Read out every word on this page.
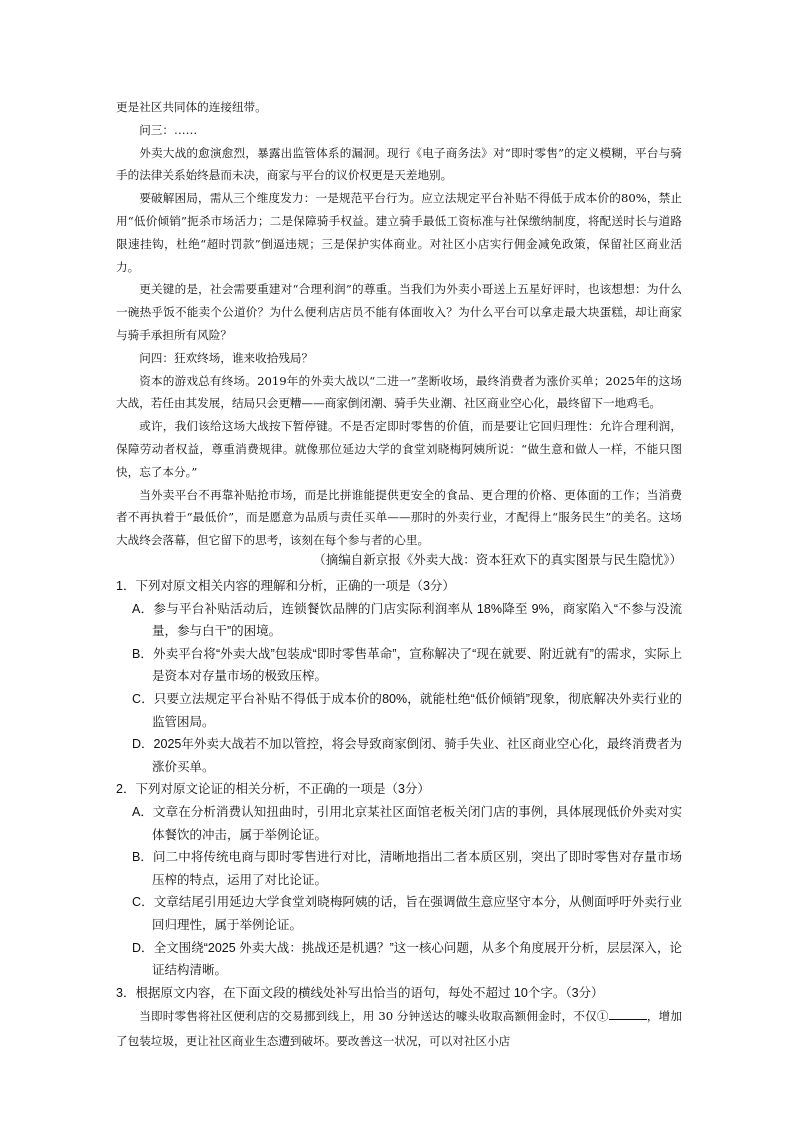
更是社区共同体的连接纽带。

问三：……

外卖大战的愈演愈烈，暴露出监管体系的漏洞。现行《电子商务法》对“即时零售”的定义模糊，平台与骑手的法律关系始终悬而未决，商家与平台的议价权更是天差地别。

要破解困局，需从三个维度发力：一是规范平台行为。应立法规定平台补贴不得低于成本价的80%，禁止用“低价倾销”扼杀市场活力；二是保障骑手权益。建立骑手最低工资标准与社保缴纳制度，将配送时长与道路限速挂钩，杜绝“超时罚款”倒逼违规；三是保护实体商业。对社区小店实行佣金减免政策，保留社区商业活力。

更关键的是，社会需要重建对“合理利润”的尊重。当我们为外卖小哥送上五星好评时，也该想想：为什么一碗热乎饭不能卖个公道价？为什么便利店店员不能有体面收入？为什么平台可以拿走最大块蛋糕，却让商家与骑手承担所有风险？

问四：狂欢终场，谁来收拾残局？

资本的游戏总有终场。2019年的外卖大战以“二进一”垄断收场，最终消费者为涨价买单；2025年的这场大战，若任由其发展，结局只会更糟——商家倒闭潮、骑手失业潮、社区商业空心化，最终留下一地鸡毛。

或许，我们该给这场大战按下暂停键。不是否定即时零售的价值，而是要让它回归理性：允许合理利润，保障劳动者权益，尊重消费规律。就像那位延边大学的食堂刘晓梅阿姨所说：“做生意和做人一样，不能只图快，忘了本分。”

当外卖平台不再靠补贴抢市场，而是比拼谁能提供更安全的食品、更合理的价格、更体面的工作；当消费者不再执着于“最低价”，而是愿意为品质与责任买单——那时的外卖行业，才配得上“服务民生”的美名。这场大战终会落幕，但它留下的思考，该刻在每个参与者的心里。

（摘编自新京报《外卖大战：资本狂欢下的真实图景与民生隐忧》）

1．下列对原文相关内容的理解和分析，正确的一项是（3分）

A．参与平台补贴活动后，连锁餐饮品牌的门店实际利润率从 18%降至 9%，商家陷入“不参与没流量，参与白干”的困境。

B．外卖平台将“外卖大战”包装成“即时零售革命”，宣称解决了“现在就要、附近就有”的需求，实际上是资本对存量市场的极致压榨。

C．只要立法规定平台补贴不得低于成本价的80%，就能杜绝“低价倾销”现象，彻底解决外卖行业的监管困局。

D．2025年外卖大战若不加以管控，将会导致商家倒闭、骑手失业、社区商业空心化，最终消费者为涨价买单。

2．下列对原文论证的相关分析，不正确的一项是（3分）

A．文章在分析消费认知扭曲时，引用北京某社区面馆老板关闭门店的事例，具体展现低价外卖对实体餐饮的冲击，属于举例论证。

B．问二中将传统电商与即时零售进行对比，清晰地指出二者本质区别，突出了即时零售对存量市场压榨的特点，运用了对比论证。

C．文章结尾引用延边大学食堂刘晓梅阿姨的话，旨在强调做生意应坚守本分，从侧面呼吁外卖行业回归理性，属于举例论证。

D．全文围绕“2025 外卖大战：挑战还是机遇？”这一核心问题，从多个角度展开分析，层层深入，论证结构清晰。

3．根据原文内容，在下面文段的横线处补写出恰当的语句，每处不超过 10个字。（3分）

当即时零售将社区便利店的交易挪到线上，用 30 分钟送达的噱头收取高额佣金时，不仅①	，增加了包装垃圾，更让社区商业生态遭到破坏。要改善这一状况，可以对社区小店
